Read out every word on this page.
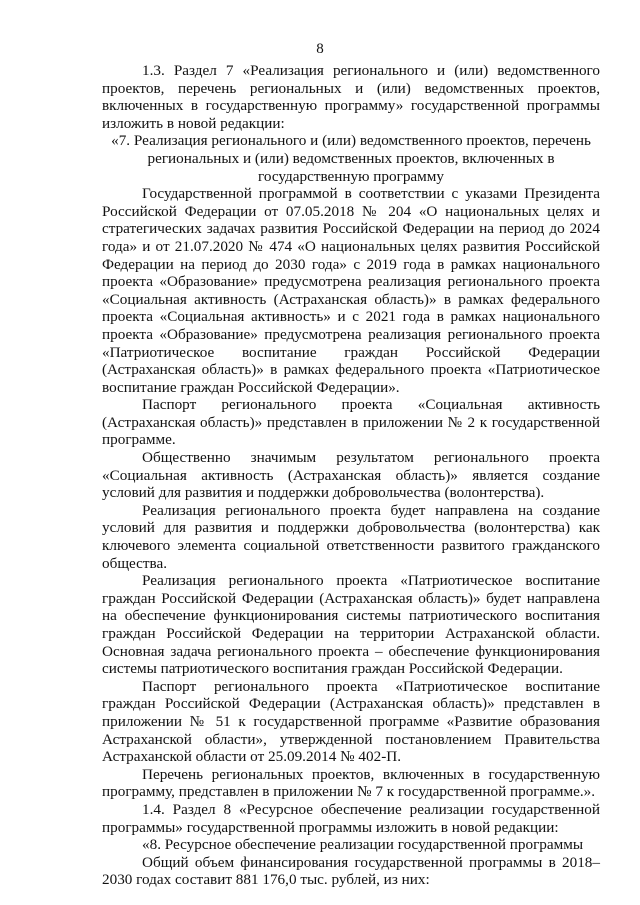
8

1.3. Раздел 7 «Реализация регионального и (или) ведомственного проектов, перечень региональных и (или) ведомственных проектов, включенных в государственную программу» государственной программы изложить в новой редакции:

«7. Реализация регионального и (или) ведомственного проектов, перечень региональных и (или) ведомственных проектов, включенных в государственную программу

Государственной программой в соответствии с указами Президента Российской Федерации от 07.05.2018 № 204 «О национальных целях и стратегических задачах развития Российской Федерации на период до 2024 года» и от 21.07.2020 № 474 «О национальных целях развития Российской Федерации на период до 2030 года» с 2019 года в рамках национального проекта «Образование» предусмотрена реализация регионального проекта «Социальная активность (Астраханская область)» в рамках федерального проекта «Социальная активность» и с 2021 года в рамках национального проекта «Образование» предусмотрена реализация регионального проекта «Патриотическое воспитание граждан Российской Федерации (Астраханская область)» в рамках федерального проекта «Патриотическое воспитание граждан Российской Федерации».

Паспорт регионального проекта «Социальная активность (Астраханская область)» представлен в приложении № 2 к государственной программе.

Общественно значимым результатом регионального проекта «Социальная активность (Астраханская область)» является создание условий для развития и поддержки добровольчества (волонтерства).

Реализация регионального проекта будет направлена на создание условий для развития и поддержки добровольчества (волонтерства) как ключевого элемента социальной ответственности развитого гражданского общества.

Реализация регионального проекта «Патриотическое воспитание граждан Российской Федерации (Астраханская область)» будет направлена на обеспечение функционирования системы патриотического воспитания граждан Российской Федерации на территории Астраханской области. Основная задача регионального проекта – обеспечение функционирования системы патриотического воспитания граждан Российской Федерации.

Паспорт регионального проекта «Патриотическое воспитание граждан Российской Федерации (Астраханская область)» представлен в приложении № 51 к государственной программе «Развитие образования Астраханской области», утвержденной постановлением Правительства Астраханской области от 25.09.2014 № 402-П.

Перечень региональных проектов, включенных в государственную программу, представлен в приложении № 7 к государственной программе.».

1.4. Раздел 8 «Ресурсное обеспечение реализации государственной программы» государственной программы изложить в новой редакции:

«8. Ресурсное обеспечение реализации государственной программы

Общий объем финансирования государственной программы в 2018–2030 годах составит 881 176,0 тыс. рублей, из них:
